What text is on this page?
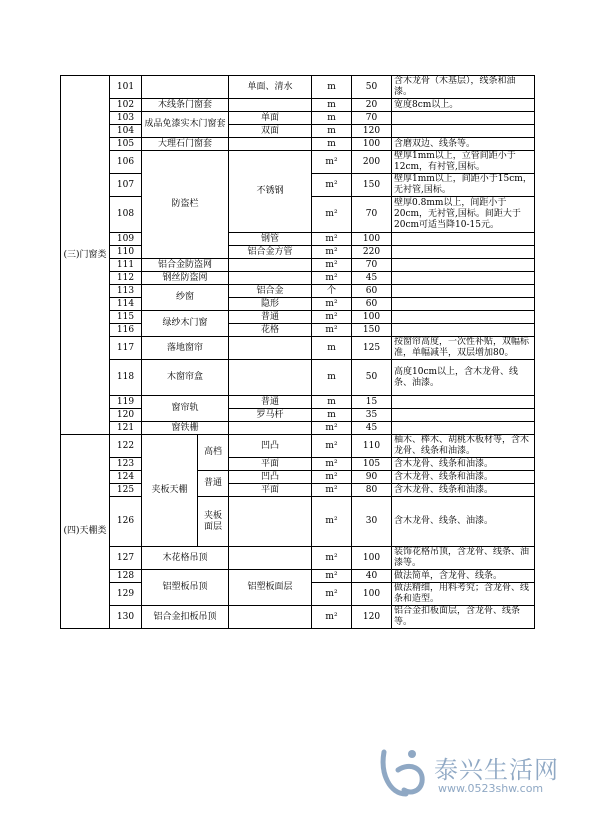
(三)门窗类	101			单面、清水	m	50	含木龙骨（木基层），线条和油漆。
	102	木线条门窗套			m	20	宽度8cm以上。
	103	成品免漆实木门窗套		单面	m	70	
	104			双面	m	120	
	105	大理石门窗套			m	100	含磨双边、线条等。
	106	防盗栏		不锈钢	m²	200	壁厚1mm以上，立管间距小于12cm，有衬管,国标。
	107				m²	150	壁厚1mm以上，间距小于15cm，无衬管,国标。
	108				m²	70	壁厚0.8mm以上，间距小于20cm，无衬管,国标。间距大于20cm可适当降10-15元。
	109			钢管	m²	100	
	110			铝合金方管	m²	220	
	111	铝合金防盗网			m²	70	
	112	钢丝防盗网			m²	45	
	113	纱窗		铝合金	个	60	
	114			隐形	m²	60	
	115	绿纱木门窗		普通	m²	100	
	116			花格	m²	150	
	117	落地窗帘			m	125	按窗帘高度，一次性补贴，双幅标准，单幅减半，双层增加80。
	118	木窗帘盒			m	50	高度10cm以上，含木龙骨、线条、油漆。
	119	窗帘轨		普通	m	15	
	120			罗马杆	m	35	
	121	窗铁栅			m²	45	
(四)天棚类	122	夹板天棚	高档	凹凸	m²	110	柚木、榉木、胡桃木板材等，含木龙骨、线条和油漆。
	123			平面	m²	105	含木龙骨、线条和油漆。
	124		普通	凹凸	m²	90	含木龙骨、线条和油漆。
	125			平面	m²	80	含木龙骨、线条和油漆。
	126		夹板面层		m²	30	含木龙骨、线条、油漆。
	127	木花格吊顶			m²	100	装饰花格吊顶，含龙骨、线条、油漆等。
	128	铝塑板吊顶		铝塑板面层	m²	40	做法简单，含龙骨、线条。
	129				m²	100	做法精细，用料考究；含龙骨、线条和造型。
	130	铝合金扣板吊顶			m²	120	铝合金扣板面层，含龙骨、线条等。
泰兴生活网
www.0523shw.com
